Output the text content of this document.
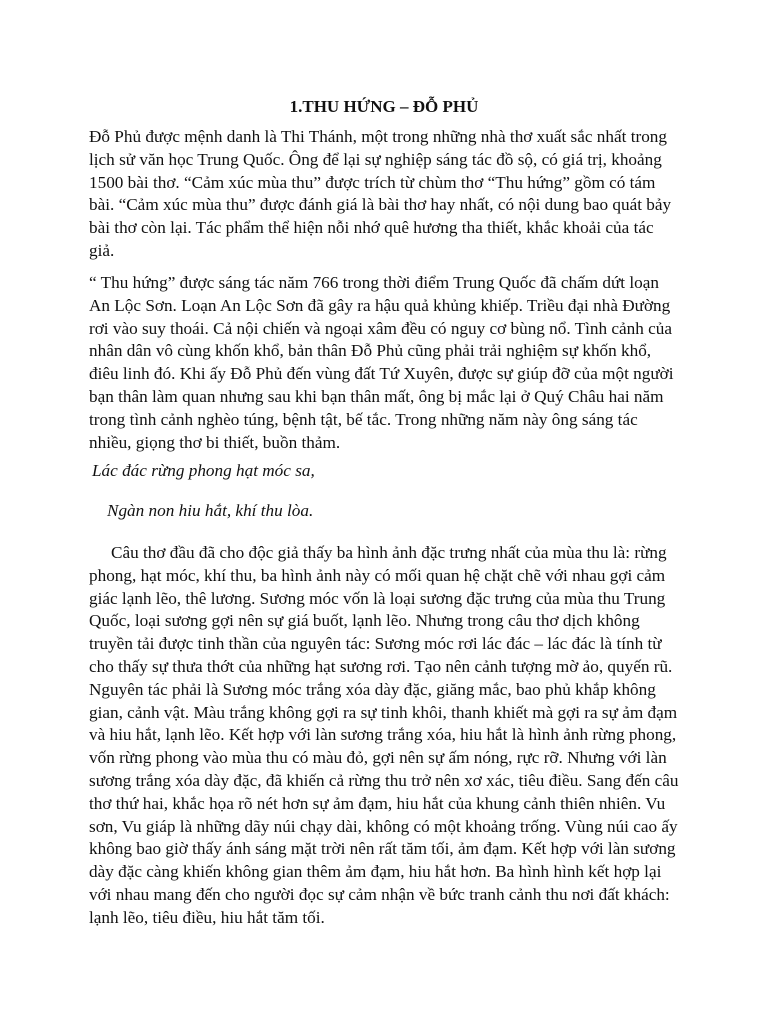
1.THU HỨNG – ĐỖ PHỦ

Đỗ Phủ được mệnh danh là Thi Thánh, một trong những nhà thơ xuất sắc nhất trong lịch sử văn học Trung Quốc. Ông để lại sự nghiệp sáng tác đồ sộ, có giá trị, khoảng 1500 bài thơ. “Cảm xúc mùa thu” được trích từ chùm thơ “Thu hứng” gồm có tám bài. “Cảm xúc mùa thu” được đánh giá là bài thơ hay nhất, có nội dung bao quát bảy bài thơ còn lại. Tác phẩm thể hiện nỗi nhớ quê hương tha thiết, khắc khoải của tác giả.

“ Thu hứng” được sáng tác năm 766 trong thời điểm Trung Quốc đã chấm dứt loạn An Lộc Sơn. Loạn An Lộc Sơn đã gây ra hậu quả khủng khiếp. Triều đại nhà Đường rơi vào suy thoái. Cả nội chiến và ngoại xâm đều có nguy cơ bùng nổ. Tình cảnh của nhân dân vô cùng khốn khổ, bản thân Đỗ Phủ cũng phải trải nghiệm sự khốn khổ, điêu linh đó. Khi ấy Đỗ Phủ đến vùng đất Tứ Xuyên, được sự giúp đỡ của một người bạn thân làm quan nhưng sau khi bạn thân mất, ông bị mắc lại ở Quý Châu hai năm trong tình cảnh nghèo túng, bệnh tật, bế tắc. Trong những năm này ông sáng tác nhiều, giọng thơ bi thiết, buồn thảm.

Lác đác rừng phong hạt móc sa,

Ngàn non hiu hắt, khí thu lòa.

Câu thơ đầu đã cho độc giả thấy ba hình ảnh đặc trưng nhất của mùa thu là: rừng phong, hạt móc, khí thu, ba hình ảnh này có mối quan hệ chặt chẽ với nhau gợi cảm giác lạnh lẽo, thê lương. Sương móc vốn là loại sương đặc trưng của mùa thu Trung Quốc, loại sương gợi nên sự giá buốt, lạnh lẽo. Nhưng trong câu thơ dịch không truyền tải được tinh thần của nguyên tác: Sương móc rơi lác đác – lác đác là tính từ cho thấy sự thưa thớt của những hạt sương rơi. Tạo nên cảnh tượng mờ ảo, quyến rũ. Nguyên tác phải là Sương móc trắng xóa dày đặc, giăng mắc, bao phủ khắp không gian, cảnh vật. Màu trắng không gợi ra sự tinh khôi, thanh khiết mà gợi ra sự ảm đạm và hiu hắt, lạnh lẽo. Kết hợp với làn sương trắng xóa, hiu hắt là hình ảnh rừng phong, vốn rừng phong vào mùa thu có màu đỏ, gợi nên sự ấm nóng, rực rỡ. Nhưng với làn sương trắng xóa dày đặc, đã khiến cả rừng thu trở nên xơ xác, tiêu điều. Sang đến câu thơ thứ hai, khắc họa rõ nét hơn sự ảm đạm, hiu hắt của khung cảnh thiên nhiên. Vu sơn, Vu giáp là những dãy núi chạy dài, không có một khoảng trống. Vùng núi cao ấy không bao giờ thấy ánh sáng mặt trời nên rất tăm tối, ảm đạm. Kết hợp với làn sương dày đặc càng khiến không gian thêm ảm đạm, hiu hắt hơn. Ba hình hình kết hợp lại với nhau mang đến cho người đọc sự cảm nhận về bức tranh cảnh thu nơi đất khách: lạnh lẽo, tiêu điều, hiu hắt tăm tối.
